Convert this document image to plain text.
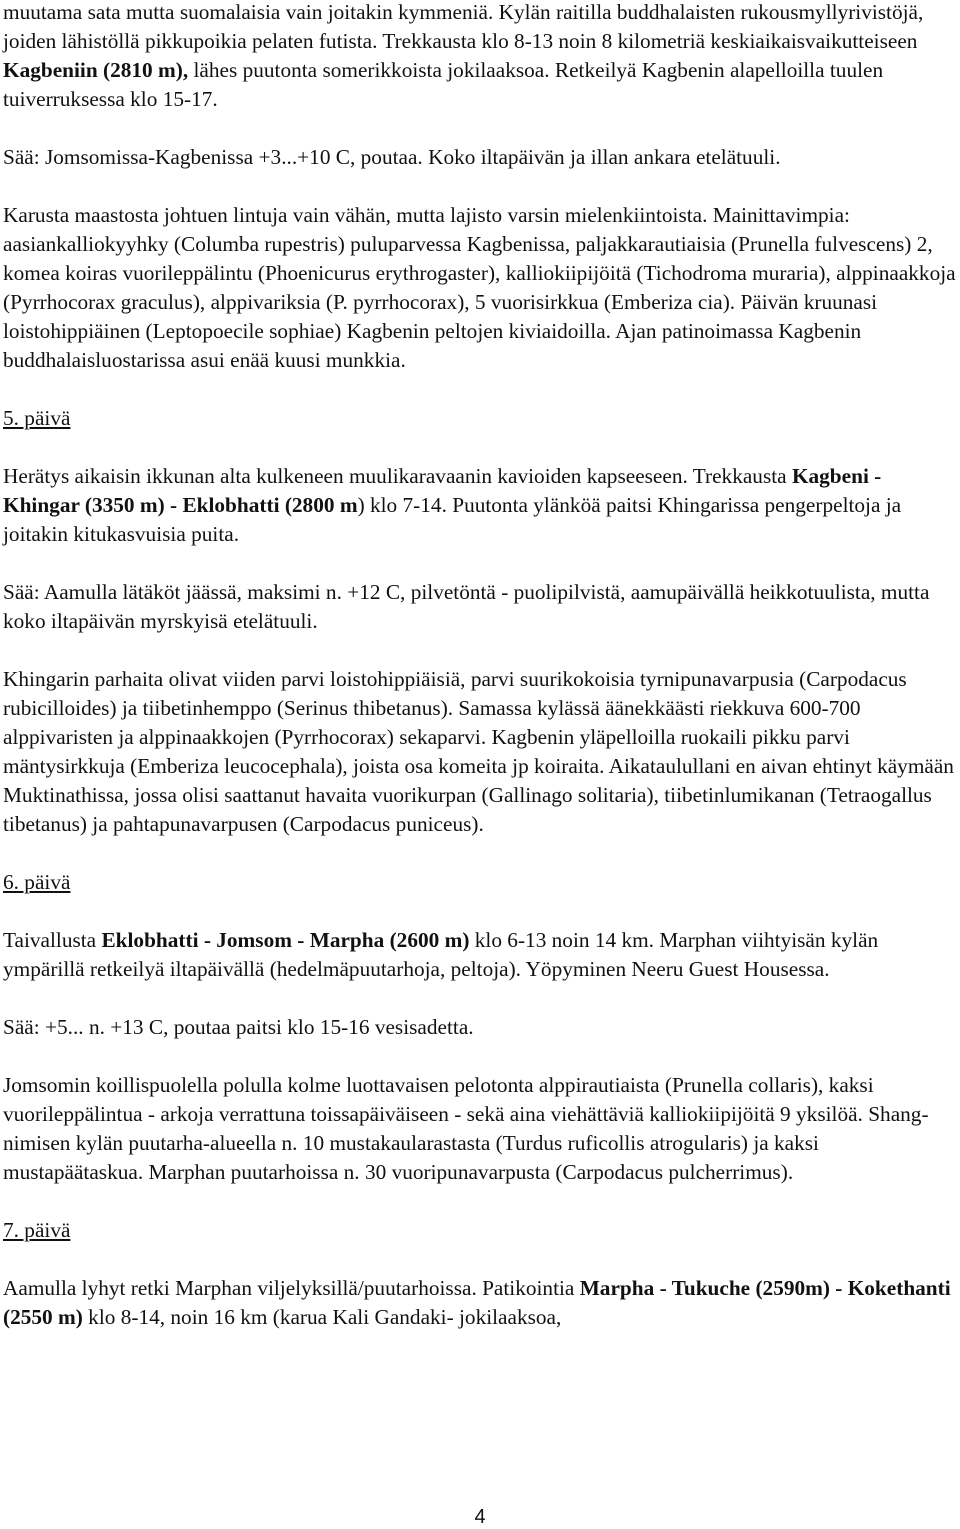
muutama sata mutta suomalaisia vain joitakin kymmeniä. Kylän raitilla buddhalaisten rukousmyllyrivistöjä, joiden lähistöllä pikkupoikia pelaten futista. Trekkausta klo 8-13 noin 8 kilometriä keskiaikaisvaikutteiseen Kagbeniin (2810 m), lähes puutonta somerikkoista jokilaaksoa. Retkeilyä Kagbenin alapelloilla tuulen tuiverruksessa klo 15-17.

Sää: Jomsomissa-Kagbenissa +3...+10 C, poutaa. Koko iltapäivän ja illan ankara etelätuuli.

Karusta maastosta johtuen lintuja vain vähän, mutta lajisto varsin mielenkiintoista. Mainittavimpia: aasiankalliokyyhky (Columba rupestris) puluparvessa Kagbenissa, paljakkarautiaisia (Prunella fulvescens) 2, komea koiras vuorileppälintu (Phoenicurus erythrogaster), kalliokiipijöitä (Tichodroma muraria), alppinaakkoja (Pyrrhocorax graculus), alppivariksia (P. pyrrhocorax), 5 vuorisirkkua (Emberiza cia). Päivän kruunasi loistohippiäinen (Leptopoecile sophiae) Kagbenin peltojen kiviaidoilla. Ajan patinoimassa Kagbenin buddhalaisluostarissa asui enää kuusi munkkia.

5. päivä

Herätys aikaisin ikkunan alta kulkeneen muulikaravaanin kavioiden kapseeseen. Trekkausta Kagbeni - Khingar (3350 m) - Eklobhatti (2800 m) klo 7-14. Puutonta ylänköä paitsi Khingarissa pengerpeltoja ja joitakin kitukasvuisia puita.

Sää: Aamulla lätäköt jäässä, maksimi n. +12 C, pilvetöntä - puolipilvistä, aamupäivällä heikkotuulista, mutta koko iltapäivän myrskyisä etelätuuli.

Khingarin parhaita olivat viiden parvi loistohippiäisiä, parvi suurikokoisia tyrnipunavarpusia (Carpodacus rubicilloides) ja tiibetinhemppo (Serinus thibetanus). Samassa kylässä äänekkäästi riekkuva 600-700 alppivaristen ja alppinaakkojen (Pyrrhocorax) sekaparvi. Kagbenin yläpelloilla ruokaili pikku parvi mäntysirkkuja (Emberiza leucocephala), joista osa komeita jp koiraita. Aikataulullani en aivan ehtinyt käymään Muktinathissa, jossa olisi saattanut havaita vuorikurpan (Gallinago solitaria), tiibetinlumikanan (Tetraogallus tibetanus) ja pahtapunavarpusen (Carpodacus puniceus).

6. päivä

Taivallusta Eklobhatti - Jomsom - Marpha (2600 m) klo 6-13 noin 14 km. Marphan viihtyisän kylän ympärillä retkeilyä iltapäivällä (hedelmäpuutarhoja, peltoja). Yöpyminen Neeru Guest Housessa.

Sää: +5... n. +13 C, poutaa paitsi klo 15-16 vesisadetta.

Jomsomin koillispuolella polulla kolme luottavaisen pelotonta alppirautiaista (Prunella collaris), kaksi vuorileppälintua - arkoja verrattuna toissapäiväiseen - sekä aina viehättäviä kalliokiipijöitä 9 yksilöä. Shang-nimisen kylän puutarha-alueella n. 10 mustakaularastasta (Turdus ruficollis atrogularis) ja kaksi mustapäätaskua. Marphan puutarhoissa n. 30 vuoripunavarpusta (Carpodacus pulcherrimus).

7. päivä

Aamulla lyhyt retki Marphan viljelyksillä/puutarhoissa. Patikointia Marpha - Tukuche (2590m) - Kokethanti (2550 m) klo 8-14, noin 16 km (karua Kali Gandaki- jokilaaksoa,

4
